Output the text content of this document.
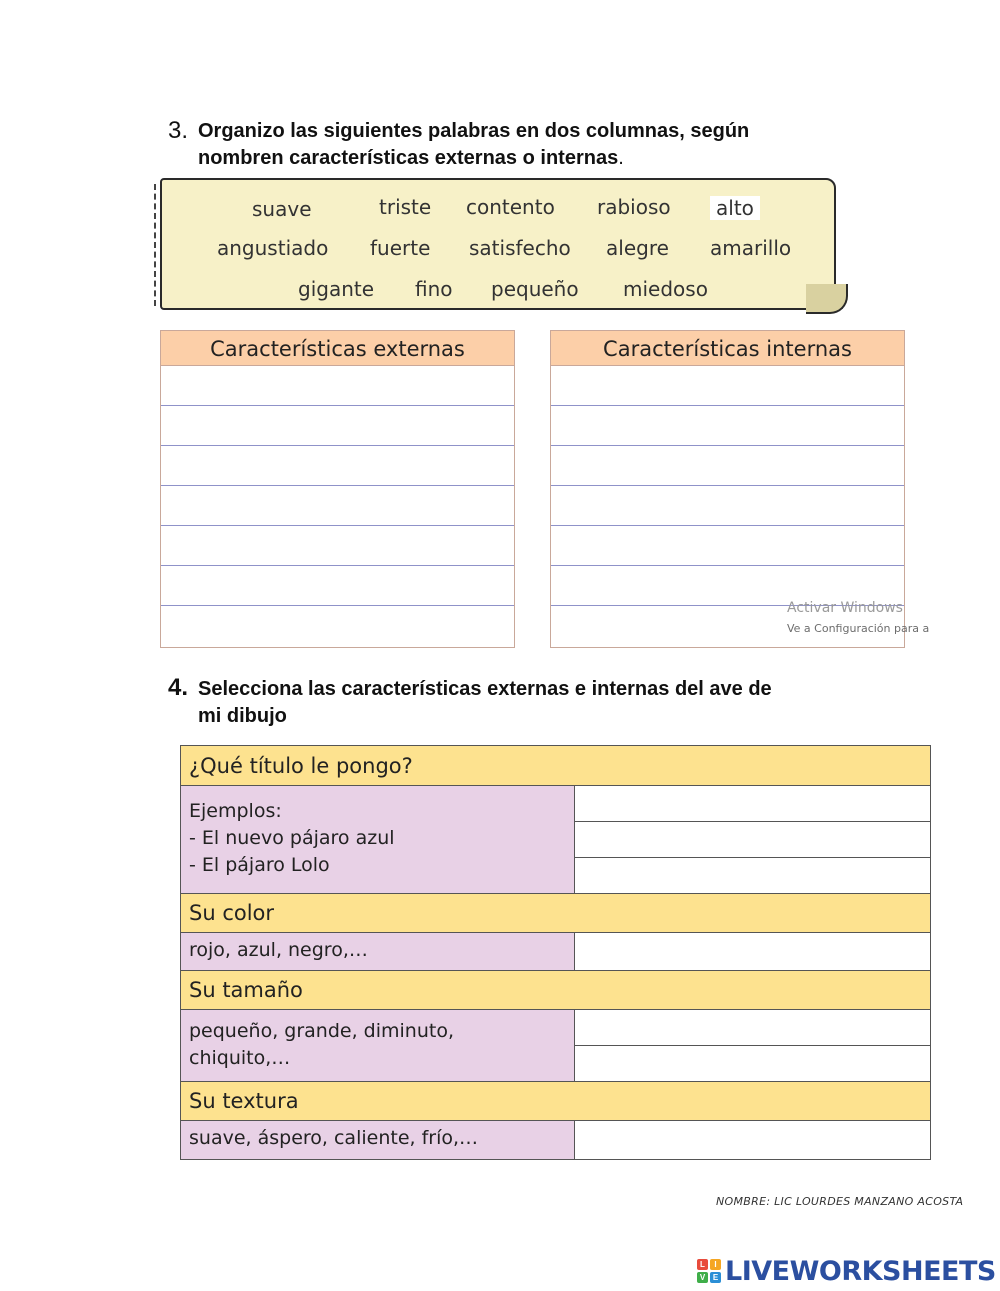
3. Organizo las siguientes palabras en dos columnas, según
nombren características externas o internas.
suave	triste contento rabioso	alto
angustiado fuerte satisfecho alegre amarillo
gigante fino pequeño miedoso
Características externas	Características internas
Activar Windows
Ve a Configuración para a
4. Selecciona las características externas e internas del ave de
mi dibujo
¿Qué título le pongo?
Ejemplos:
- El nuevo pájaro azul
- El pájaro Lolo
Su color
rojo, azul, negro,…
Su tamaño
pequeño, grande, diminuto,
chiquito,…
Su textura
suave, áspero, caliente, frío,…
NOMBRE: LIC LOURDES MANZANO ACOSTA
L	I
V E LIVEWORKSHEETS
